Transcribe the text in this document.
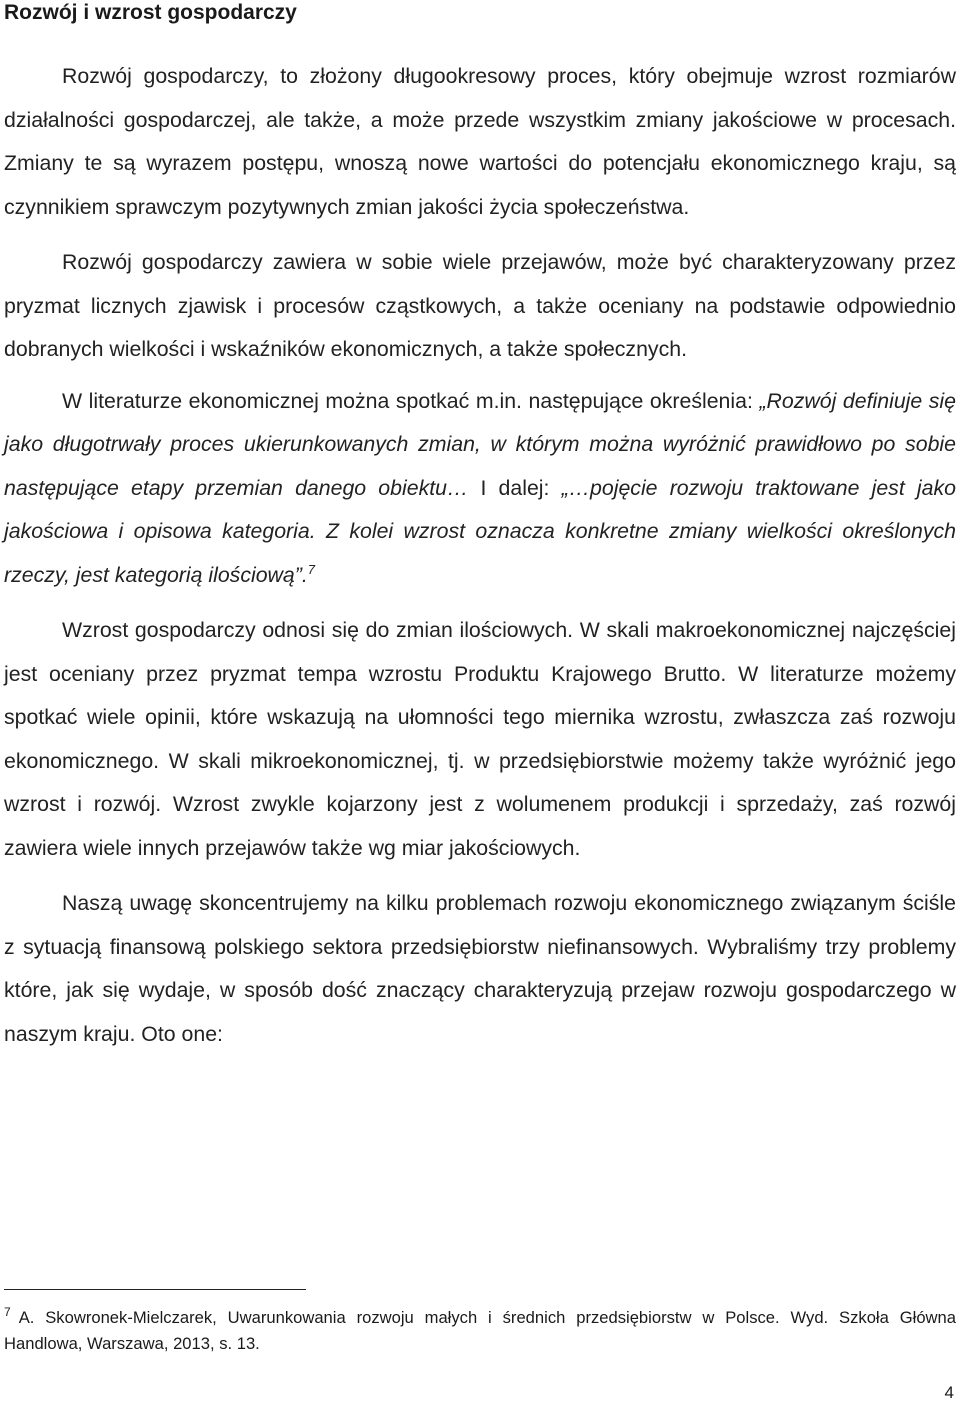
Rozwój i wzrost gospodarczy

Rozwój gospodarczy, to złożony długookresowy proces, który obejmuje wzrost rozmiarów działalności gospodarczej, ale także, a może przede wszystkim zmiany jakościowe w procesach. Zmiany te są wyrazem postępu, wnoszą nowe wartości do potencjału ekonomicznego kraju, są czynnikiem sprawczym pozytywnych zmian jakości życia społeczeństwa.

Rozwój gospodarczy zawiera w sobie wiele przejawów, może być charakteryzowany przez pryzmat licznych zjawisk i procesów cząstkowych, a także oceniany na podstawie odpowiednio dobranych wielkości i wskaźników ekonomicznych, a także społecznych.

W literaturze ekonomicznej można spotkać m.in. następujące określenia: „Rozwój definiuje się jako długotrwały proces ukierunkowanych zmian, w którym można wyróżnić prawidłowo po sobie następujące etapy przemian danego obiektu… I dalej: „…pojęcie rozwoju traktowane jest jako jakościowa i opisowa kategoria. Z kolei wzrost oznacza konkretne zmiany wielkości określonych rzeczy, jest kategorią ilościową”.$^7$

Wzrost gospodarczy odnosi się do zmian ilościowych. W skali makroekonomicznej najczęściej jest oceniany przez pryzmat tempa wzrostu Produktu Krajowego Brutto. W literaturze możemy spotkać wiele opinii, które wskazują na ułomności tego miernika wzrostu, zwłaszcza zaś rozwoju ekonomicznego. W skali mikroekonomicznej, tj. w przedsiębiorstwie możemy także wyróżnić jego wzrost i rozwój. Wzrost zwykle kojarzony jest z wolumenem produkcji i sprzedaży, zaś rozwój zawiera wiele innych przejawów także wg miar jakościowych.

Naszą uwagę skoncentrujemy na kilku problemach rozwoju ekonomicznego związanym ściśle z sytuacją finansową polskiego sektora przedsiębiorstw niefinansowych. Wybraliśmy trzy problemy które, jak się wydaje, w sposób dość znaczący charakteryzują przejaw rozwoju gospodarczego w naszym kraju. Oto one:

$^7$ A. Skowronek-Mielczarek, Uwarunkowania rozwoju małych i średnich przedsiębiorstw w Polsce. Wyd. Szkoła Główna Handlowa, Warszawa, 2013, s. 13.
4
